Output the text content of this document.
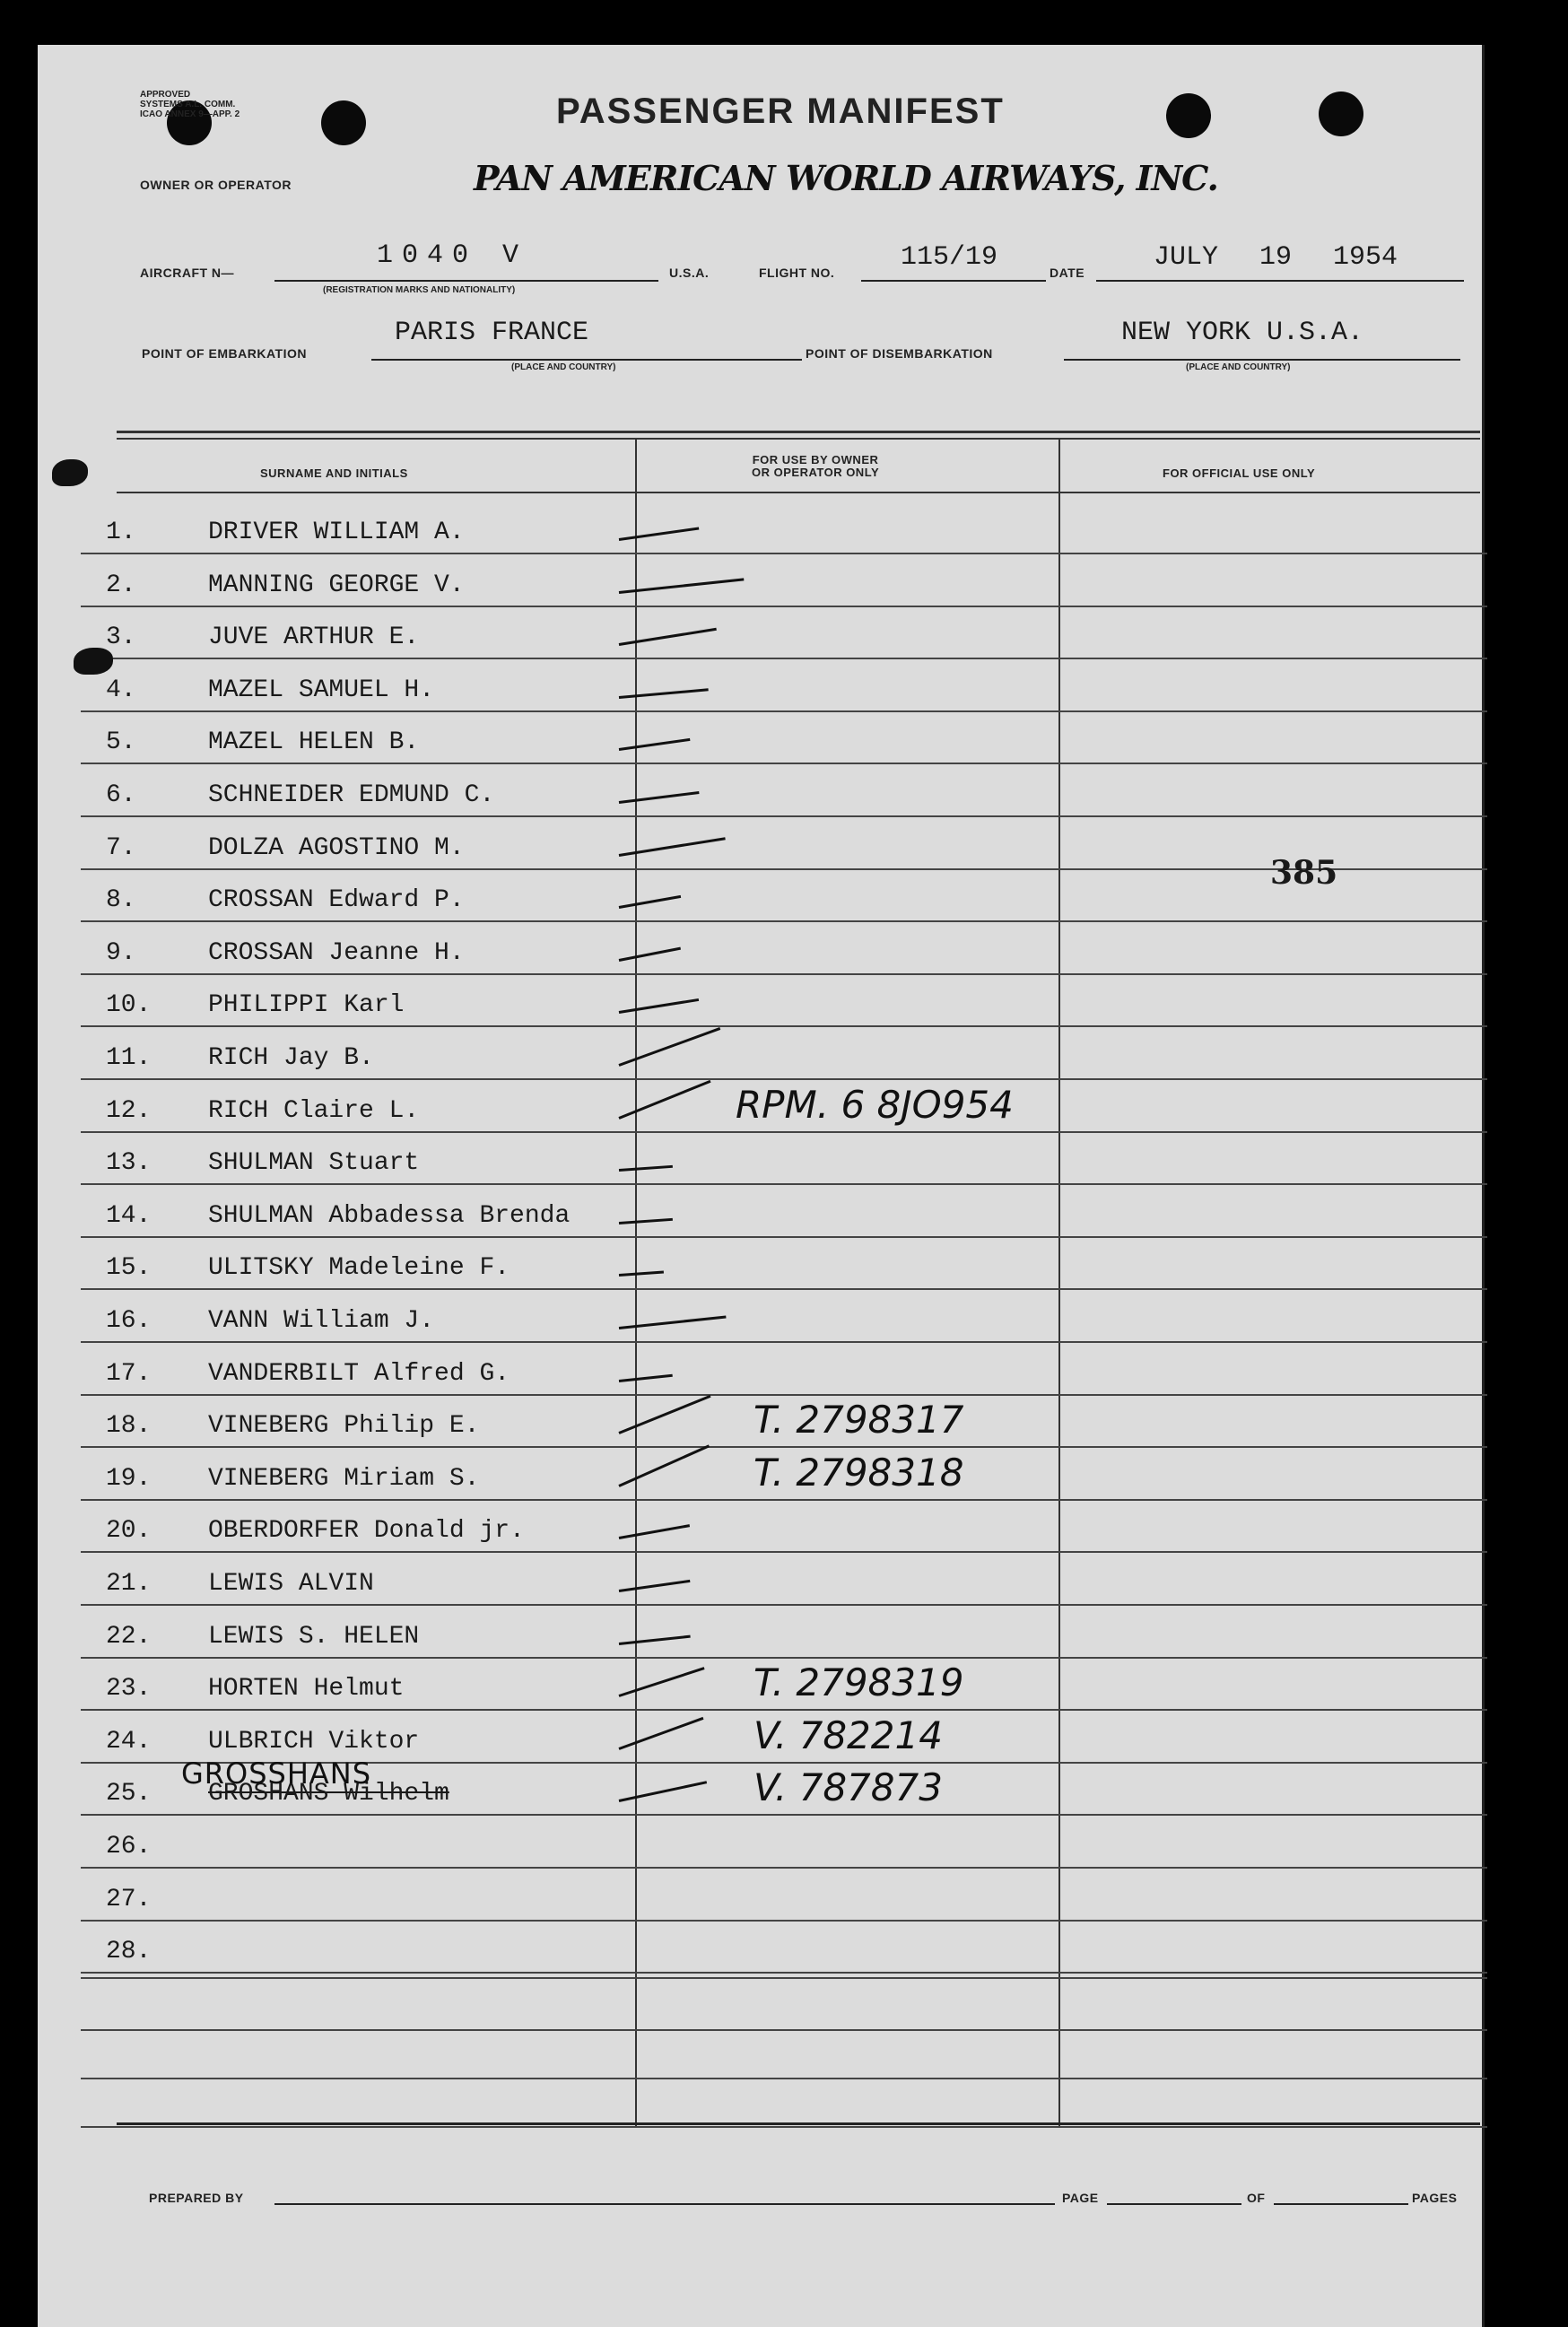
APPROVED
SYSTEMS A.L. COMM.
ICAO ANNEX 9—APP. 2	PASSENGER MANIFEST
OWNER OR OPERATOR	PAN AMERICAN WORLD AIRWAYS, INC.
AIRCRAFT N—
1040 V
(REGISTRATION MARKS AND NATIONALITY)
U.S.A.	FLIGHT NO. 115/19	DATE	JULY 19 1954
POINT OF EMBARKATION
PARIS FRANCE
(PLACE AND COUNTRY)
POINT OF DISEMBARKATION
NEW YORK U.S.A.
(PLACE AND COUNTRY)
SURNAME AND INITIALS
FOR USE BY OWNER
OR OPERATOR ONLY	FOR OFFICIAL USE ONLY
1.	DRIVER WILLIAM A.
2.	MANNING GEORGE V.
3.	JUVE ARTHUR E.
4.	MAZEL SAMUEL H.
5.	MAZEL HELEN B.
6.	SCHNEIDER EDMUND C.
7.	DOLZA AGOSTINO M.
8.	CROSSAN Edward P.
9.	CROSSAN Jeanne H.
10. PHILIPPI Karl
11. RICH Jay B.
12. RICH Claire L.	RPM. 6 8JO954
13. SHULMAN Stuart
14. SHULMAN Abbadessa Brenda
15. ULITSKY Madeleine F.
16. VANN William J.
17. VANDERBILT Alfred G.
18. VINEBERG Philip E.	T. 2798317
19. VINEBERG Miriam S.	T. 2798318
20. OBERDORFER Donald jr.
21. LEWIS ALVIN
22. LEWIS S. HELEN
23. HORTEN Helmut	T. 2798319
24. ULBRICH Viktor	V. 782214
25. GROSHANS Wilhelm	V. 787873
26.
27.
28.
GROSSHANS
385
PREPARED BY	PAGE	OF	PAGES
